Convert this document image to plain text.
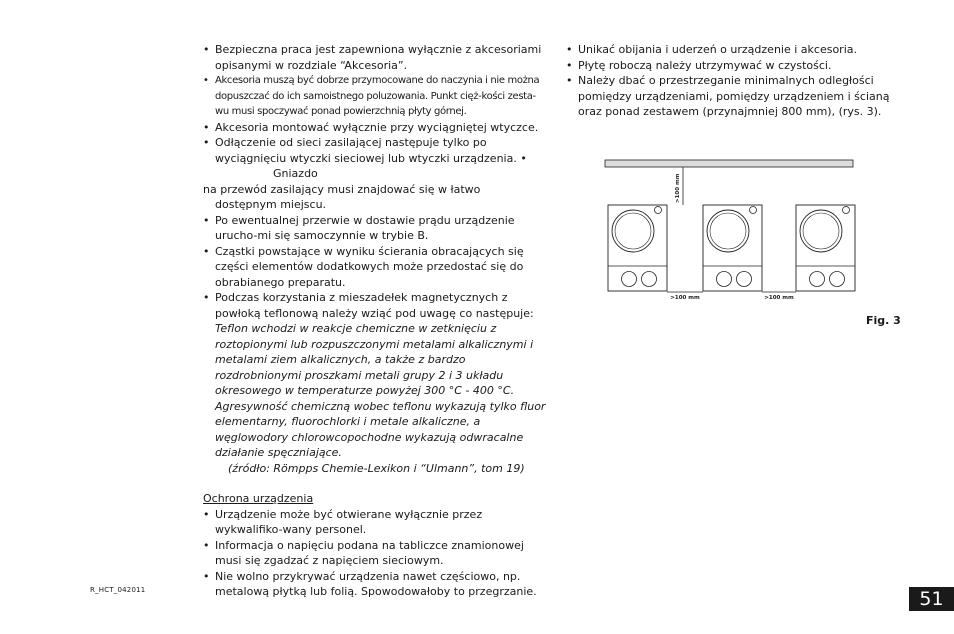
• Bezpieczna praca jest zapewniona wyłącznie z akcesoriami opisanymi w rozdziale “Akcesoria”.
• Akcesoria muszą być dobrze przymocowane do naczynia i nie można dopuszczać do ich samoistnego poluzowania. Punkt cięż-kości zesta-wu musi spoczywać ponad powierzchnią płyty górnej.
• Akcesoria montować wyłącznie przy wyciągniętej wtyczce.
• Odłączenie od sieci zasilającej następuje tylko po wyciągnięciu wtyczki sieciowej lub wtyczki urządzenia. •Gniazdo
na przewód zasilający musi znajdować się w łatwo
dostępnym miejscu.
• Po ewentualnej przerwie w dostawie prądu urządzenie urucho-mi się samoczynnie w trybie B.
• Cząstki powstające w wyniku ścierania obracających się części elementów dodatkowych może przedostać się do obrabianego preparatu.
• Podczas korzystania z mieszadełek magnetycznych z powłoką teflonową należy wziąć pod uwagę co następuje: Teflon wchodzi w reakcje chemiczne w zetknięciu z roztopionymi lub rozpuszczonymi metalami alkalicznymi i metalami ziem alkalicznych, a także z bardzo rozdrobnionymi proszkami metali grupy 2 i 3 układu okresowego w temperaturze powyżej 300 °C - 400 °C. Agresywność chemiczną wobec teflonu wykazują tylko fluor elementarny, fluorochlorki i metale alkaliczne, a węglowodory chlorowcopochodne wykazują odwracalne działanie spęczniające.
(źródło: Römpps Chemie-Lexikon i “Ulmann”, tom 19)
Ochrona urządzenia
• Urządzenie może być otwierane wyłącznie przez wykwalifiko-wany personel.
• Informacja o napięciu podana na tabliczce znamionowej musi się zgadzać z napięciem sieciowym.
• Nie wolno przykrywać urządzenia nawet częściowo, np. metalową płytką lub folią. Spowodowałoby to przegrzanie.
• Unikać obijania i uderzeń o urządzenie i akcesoria.
• Płytę roboczą należy utrzymywać w czystości.
• Należy dbać o przestrzeganie minimalnych odległości pomiędzy urządzeniami, pomiędzy urządzeniem i ścianą oraz ponad zestawem (przynajmniej 800 mm), (rys. 3).
>100 mm
>100 mm	>100 mm
Fig. 3
R_HCT_042011	51
